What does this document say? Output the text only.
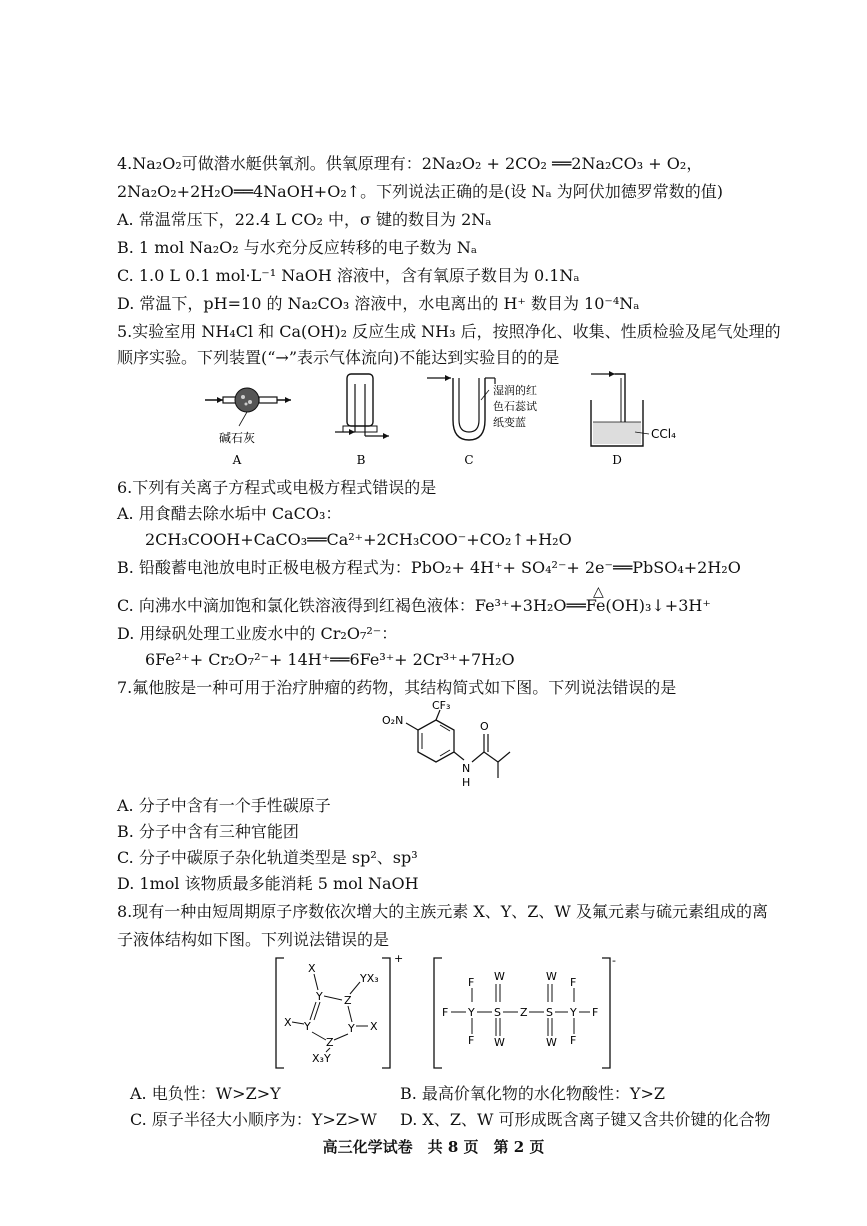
4.Na₂O₂可做潜水艇供氧剂。供氧原理有：2Na₂O₂ + 2CO₂ ══2Na₂CO₃ + O₂，
2Na₂O₂+2H₂O══4NaOH+O₂↑。下列说法正确的是(设 Nₐ 为阿伏加德罗常数的值)
A. 常温常压下，22.4 L CO₂ 中，σ 键的数目为 2Nₐ
B. 1 mol Na₂O₂ 与水充分反应转移的电子数为 Nₐ
C. 1.0 L 0.1 mol·L⁻¹ NaOH 溶液中，含有氧原子数目为 0.1Nₐ
D. 常温下，pH=10 的 Na₂CO₃ 溶液中，水电离出的 H⁺ 数目为 10⁻⁴Nₐ
5.实验室用 NH₄Cl 和 Ca(OH)₂ 反应生成 NH₃ 后，按照净化、收集、性质检验及尾气处理的
顺序实验。下列装置(“→”表示气体流向)不能达到实验目的的是
碱石灰
A	B
湿润的红
色石蕊试
纸变蓝
C
CCl₄
D
6.下列有关离子方程式或电极方程式错误的是
A. 用食醋去除水垢中 CaCO₃：
2CH₃COOH+CaCO₃══Ca²⁺+2CH₃COO⁻+CO₂↑+H₂O
B. 铅酸蓄电池放电时正极电极方程式为：PbO₂+ 4H⁺+ SO₄²⁻+ 2e⁻══PbSO₄+2H₂O
△
C. 向沸水中滴加饱和氯化铁溶液得到红褐色液体：Fe³⁺+3H₂O══Fe(OH)₃↓+3H⁺
D. 用绿矾处理工业废水中的 Cr₂O₇²⁻：
6Fe²⁺+ Cr₂O₇²⁻+ 14H⁺══6Fe³⁺+ 2Cr³⁺+7H₂O
7.氟他胺是一种可用于治疗肿瘤的药物，其结构简式如下图。下列说法错误的是
O₂N
CF₃
N
H
O
A. 分子中含有一个手性碳原子
B. 分子中含有三种官能团
C. 分子中碳原子杂化轨道类型是 sp²、sp³
D. 1mol 该物质最多能消耗 5 mol NaOH
8.现有一种由短周期原子序数依次增大的主族元素 X、Y、Z、W 及氟元素与硫元素组成的离
子液体结构如下图。下列说法错误的是
+
Y Z
Y	Y
Z
X
YX₃
X	X
X₃Y
-
F Y S Z S Y F
F
F
F
F
W
W
W
W
A. 电负性：W>Z>Y	B. 最高价氧化物的水化物酸性：Y>Z
C. 原子半径大小顺序为：Y>Z>W D. X、Z、W 可形成既含离子键又含共价键的化合物
高三化学试卷　共 8 页　第 2 页
